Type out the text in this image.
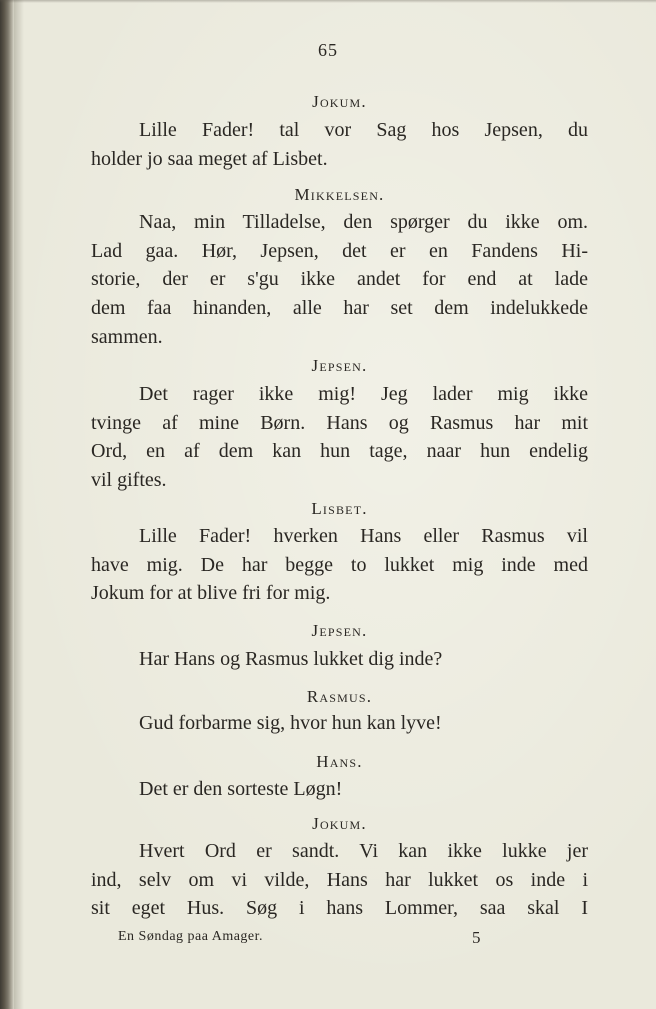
65
Jokum.
Lille Fader! tal vor Sag hos Jepsen, du
holder jo saa meget af Lisbet.
Mikkelsen.
Naa, min Tilladelse, den spørger du ikke om.
Lad gaa. Hør, Jepsen, det er en Fandens Hi-
storie, der er s'gu ikke andet for end at lade
dem faa hinanden, alle har set dem indelukkede
sammen.
Jepsen.
Det rager ikke mig! Jeg lader mig ikke
tvinge af mine Børn. Hans og Rasmus har mit
Ord, en af dem kan hun tage, naar hun endelig
vil giftes.
Lisbet.
Lille Fader! hverken Hans eller Rasmus vil
have mig. De har begge to lukket mig inde med
Jokum for at blive fri for mig.
Jepsen.
Har Hans og Rasmus lukket dig inde?
Rasmus.
Gud forbarme sig, hvor hun kan lyve!
Hans.
Det er den sorteste Løgn!
Jokum.
Hvert Ord er sandt. Vi kan ikke lukke jer
ind, selv om vi vilde, Hans har lukket os inde i
sit eget Hus. Søg i hans Lommer, saa skal I
En Søndag paa Amager.	5
